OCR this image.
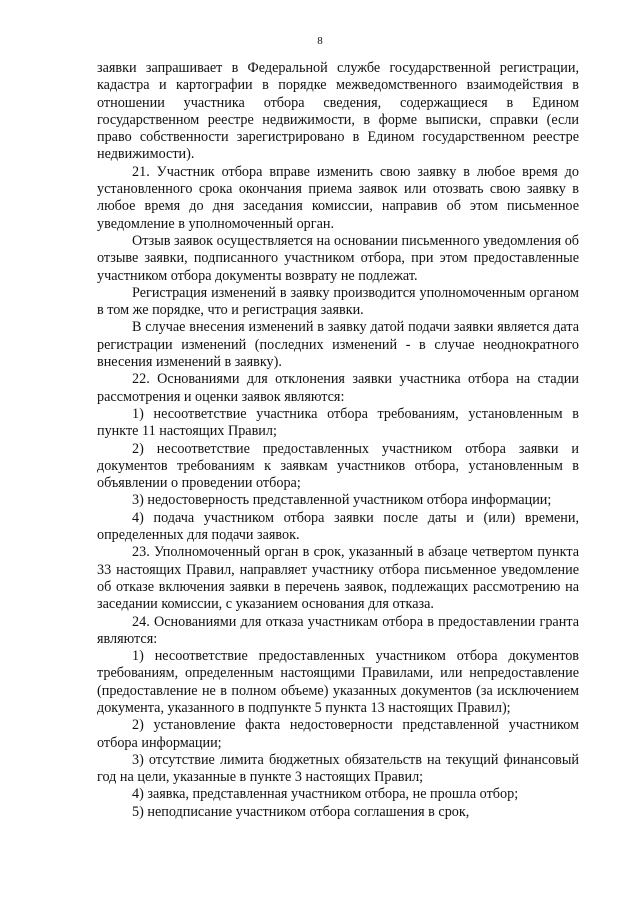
8

заявки запрашивает в Федеральной службе государственной регистрации, кадастра и картографии в порядке межведомственного взаимодействия в отношении участника отбора сведения, содержащиеся в Едином государственном реестре недвижимости, в форме выписки, справки (если право собственности зарегистрировано в Едином государственном реестре недвижимости).

21. Участник отбора вправе изменить свою заявку в любое время до установленного срока окончания приема заявок или отозвать свою заявку в любое время до дня заседания комиссии, направив об этом письменное уведомление в уполномоченный орган.

Отзыв заявок осуществляется на основании письменного уведомления об отзыве заявки, подписанного участником отбора, при этом предоставленные участником отбора документы возврату не подлежат.

Регистрация изменений в заявку производится уполномоченным органом в том же порядке, что и регистрация заявки.

В случае внесения изменений в заявку датой подачи заявки является дата регистрации изменений (последних изменений - в случае неоднократного внесения изменений в заявку).

22. Основаниями для отклонения заявки участника отбора на стадии рассмотрения и оценки заявок являются:

1) несоответствие участника отбора требованиям, установленным в пункте 11 настоящих Правил;

2) несоответствие предоставленных участником отбора заявки и документов требованиям к заявкам участников отбора, установленным в объявлении о проведении отбора;

3) недостоверность представленной участником отбора информации;

4) подача участником отбора заявки после даты и (или) времени, определенных для подачи заявок.

23. Уполномоченный орган в срок, указанный в абзаце четвертом пункта 33 настоящих Правил, направляет участнику отбора письменное уведомление об отказе включения заявки в перечень заявок, подлежащих рассмотрению на заседании комиссии, с указанием основания для отказа.

24. Основаниями для отказа участникам отбора в предоставлении гранта являются:

1) несоответствие предоставленных участником отбора документов требованиям, определенным настоящими Правилами, или непредоставление (предоставление не в полном объеме) указанных документов (за исключением документа, указанного в подпункте 5 пункта 13 настоящих Правил);

2) установление факта недостоверности представленной участником отбора информации;

3) отсутствие лимита бюджетных обязательств на текущий финансовый год на цели, указанные в пункте 3 настоящих Правил;

4) заявка, представленная участником отбора, не прошла отбор;

5) неподписание участником отбора соглашения в срок,
